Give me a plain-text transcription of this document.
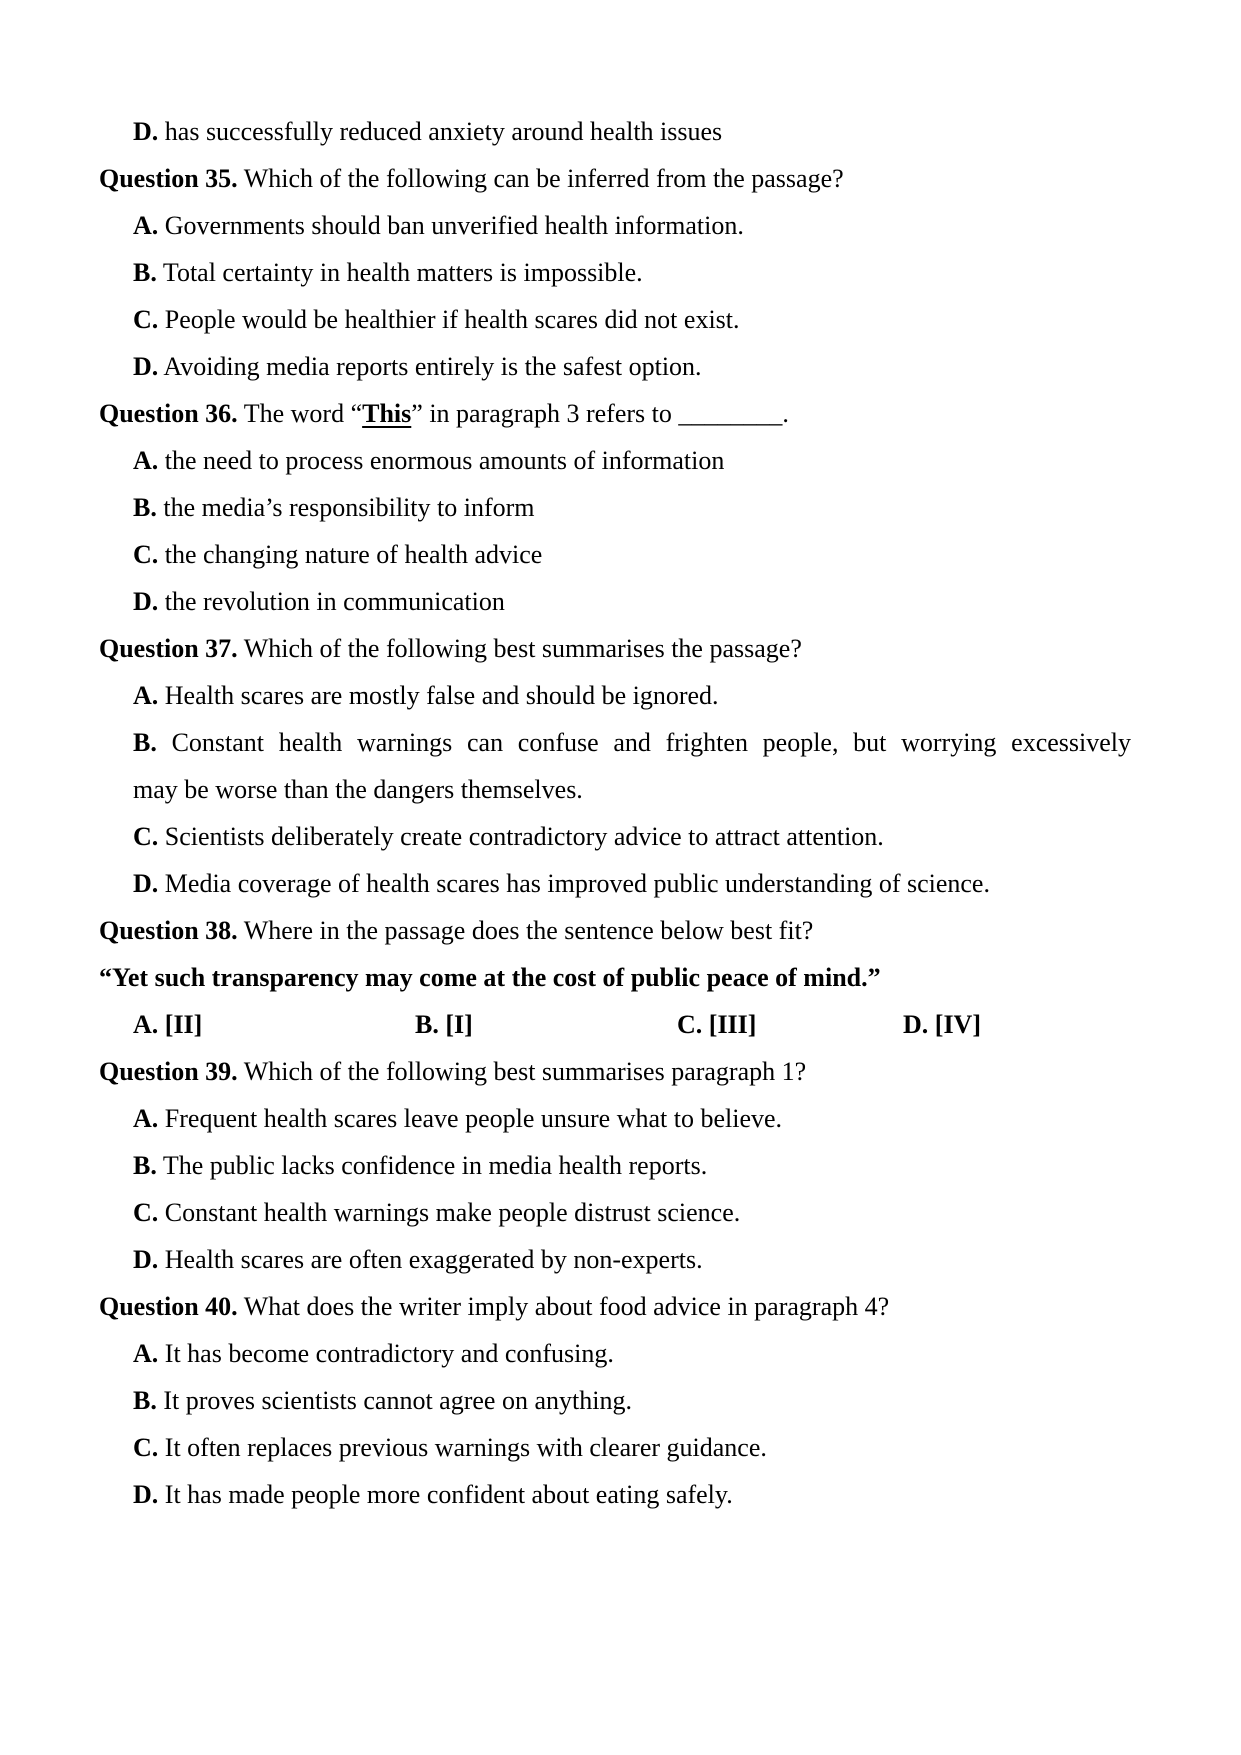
D. has successfully reduced anxiety around health issues

Question 35. Which of the following can be inferred from the passage?

A. Governments should ban unverified health information.

B. Total certainty in health matters is impossible.

C. People would be healthier if health scares did not exist.

D. Avoiding media reports entirely is the safest option.

Question 36. The word “This” in paragraph 3 refers to ________.

A. the need to process enormous amounts of information

B. the media’s responsibility to inform

C. the changing nature of health advice

D. the revolution in communication

Question 37. Which of the following best summarises the passage?

A. Health scares are mostly false and should be ignored.

B. Constant health warnings can confuse and frighten people, but worrying excessively
may be worse than the dangers themselves.

C. Scientists deliberately create contradictory advice to attract attention.

D. Media coverage of health scares has improved public understanding of science.

Question 38. Where in the passage does the sentence below best fit?

“Yet such transparency may come at the cost of public peace of mind.”

A. [II]	B. [I]	C. [III]	D. [IV]

Question 39. Which of the following best summarises paragraph 1?

A. Frequent health scares leave people unsure what to believe.

B. The public lacks confidence in media health reports.

C. Constant health warnings make people distrust science.

D. Health scares are often exaggerated by non-experts.

Question 40. What does the writer imply about food advice in paragraph 4?

A. It has become contradictory and confusing.

B. It proves scientists cannot agree on anything.

C. It often replaces previous warnings with clearer guidance.

D. It has made people more confident about eating safely.
